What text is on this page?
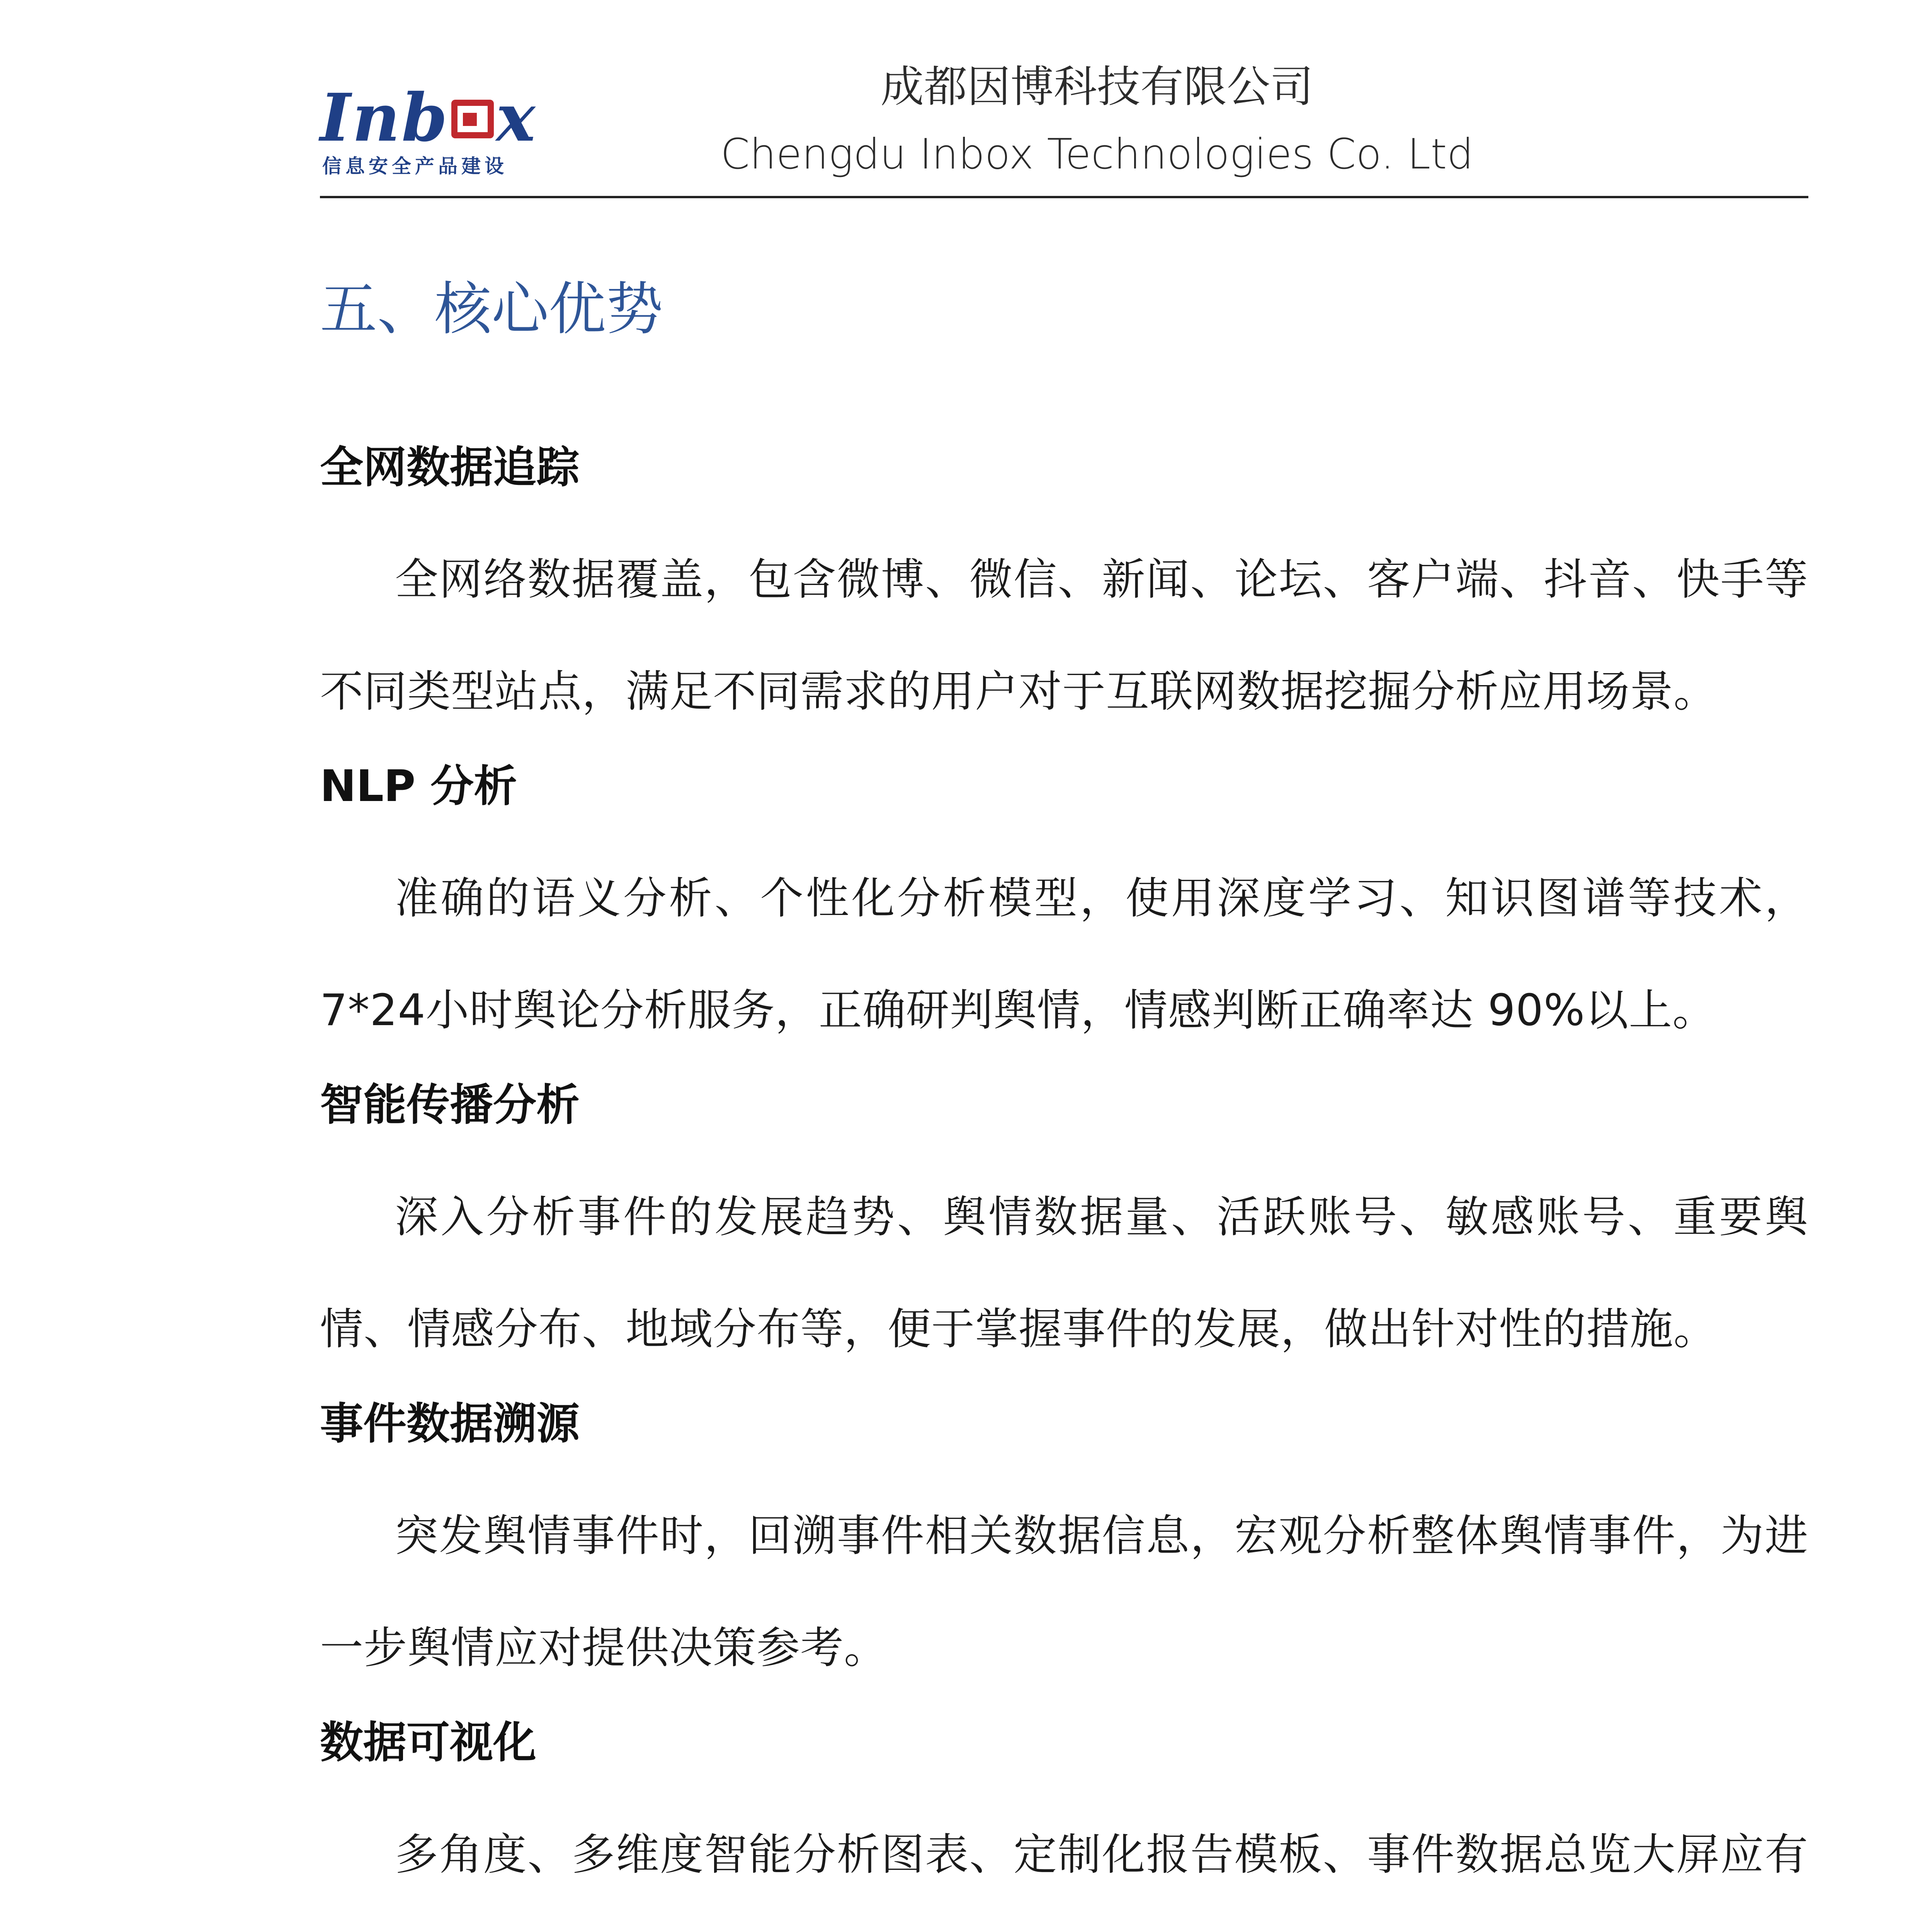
Inb x
信息安全产品建设
成都因博科技有限公司
Chengdu Inbox Technologies Co. Ltd
五、核心优势
全网数据追踪
全网络数据覆盖，包含微博、微信、新闻、论坛、客户端、抖音、快手等不同类型站点，满足不同需求的用户对于互联网数据挖掘分析应用场景。
NLP 分析
准确的语义分析、个性化分析模型，使用深度学习、知识图谱等技术，7*24小时舆论分析服务，正确研判舆情，情感判断正确率达 90%以上。
智能传播分析
深入分析事件的发展趋势、舆情数据量、活跃账号、敏感账号、重要舆情、情感分布、地域分布等，便于掌握事件的发展，做出针对性的措施。
事件数据溯源
突发舆情事件时，回溯事件相关数据信息，宏观分析整体舆情事件，为进一步舆情应对提供决策参考。
数据可视化
多角度、多维度智能分析图表、定制化报告模板、事件数据总览大屏应有
